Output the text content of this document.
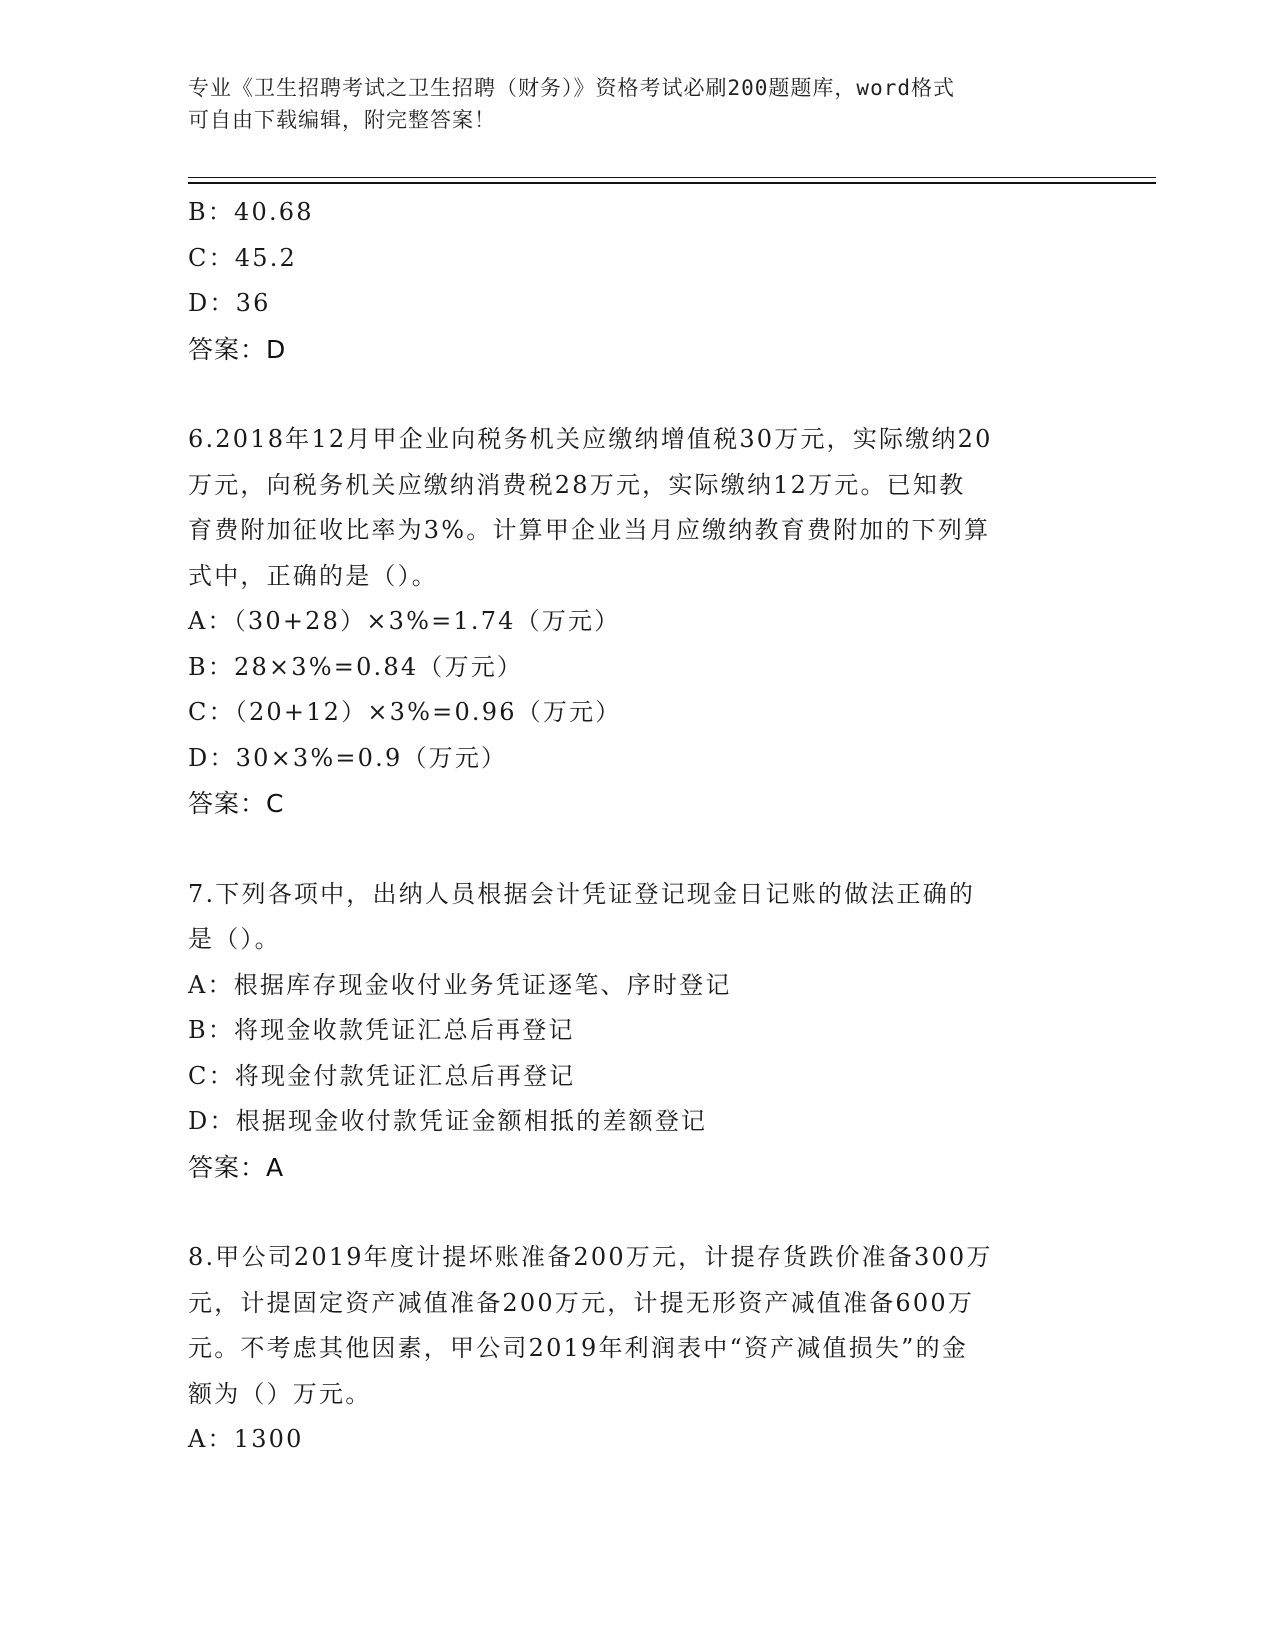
专业《卫生招聘考试之卫生招聘（财务）》资格考试必刷200题题库，word格式
可自由下载编辑，附完整答案！
B：40.68
C：45.2
D：36
答案：D
6.2018年12月甲企业向税务机关应缴纳增值税30万元，实际缴纳20
万元，向税务机关应缴纳消费税28万元，实际缴纳12万元。已知教
育费附加征收比率为3%。计算甲企业当月应缴纳教育费附加的下列算
式中，正确的是（）。
A：（30+28）×3%=1.74（万元）
B：28×3%=0.84（万元）
C：（20+12）×3%=0.96（万元）
D：30×3%=0.9（万元）
答案：C
7.下列各项中，出纳人员根据会计凭证登记现金日记账的做法正确的
是（）。
A：根据库存现金收付业务凭证逐笔、序时登记
B：将现金收款凭证汇总后再登记
C：将现金付款凭证汇总后再登记
D：根据现金收付款凭证金额相抵的差额登记
答案：A
8.甲公司2019年度计提坏账准备200万元，计提存货跌价准备300万
元，计提固定资产减值准备200万元，计提无形资产减值准备600万
元。不考虑其他因素，甲公司2019年利润表中“资产减值损失”的金
额为（）万元。
A：1300
